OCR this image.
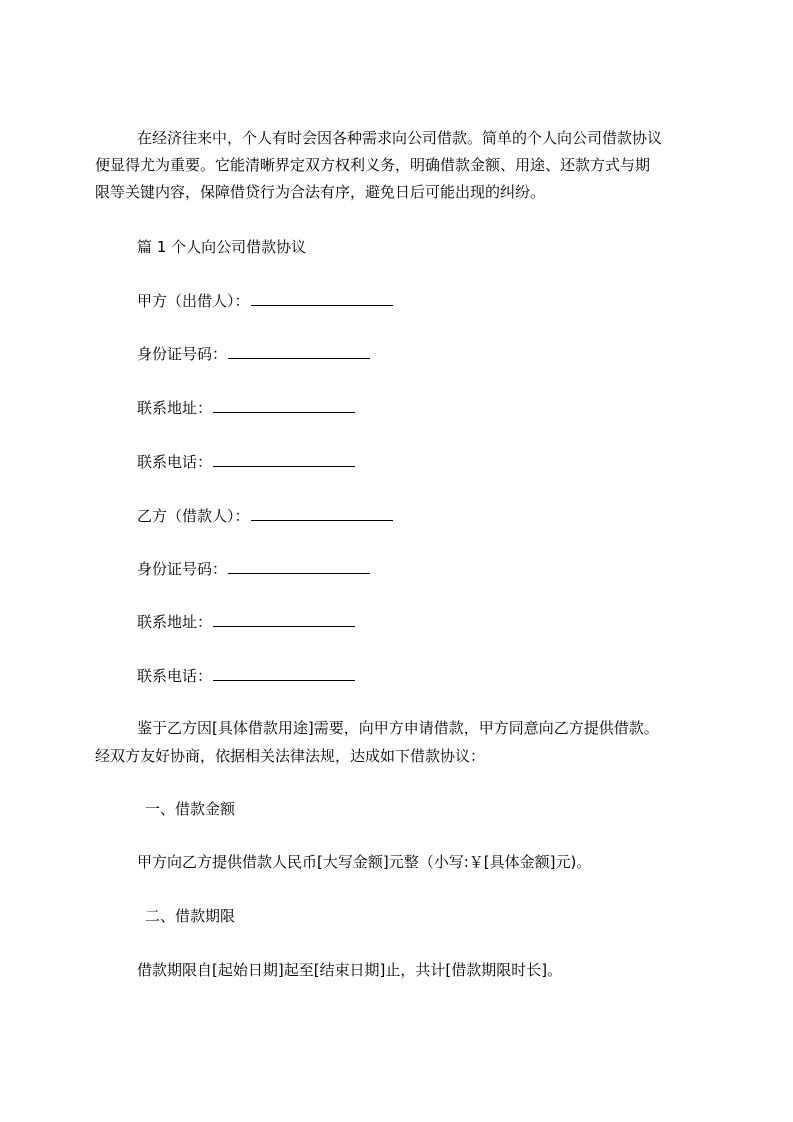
在经济往来中，个人有时会因各种需求向公司借款。简单的个人向公司借款协议
便显得尤为重要。它能清晰界定双方权利义务，明确借款金额、用途、还款方式与期
限等关键内容，保障借贷行为合法有序，避免日后可能出现的纠纷。
篇 1 个人向公司借款协议
甲方（出借人）：
身份证号码：
联系地址：
联系电话：
乙方（借款人）：
身份证号码：
联系地址：
联系电话：
鉴于乙方因[具体借款用途]需要，向甲方申请借款，甲方同意向乙方提供借款。
经双方友好协商，依据相关法律法规，达成如下借款协议：
一、借款金额
甲方向乙方提供借款人民币[大写金额]元整（小写:￥[具体金额]元)。
二、借款期限
借款期限自[起始日期]起至[结束日期]止，共计[借款期限时长]。
